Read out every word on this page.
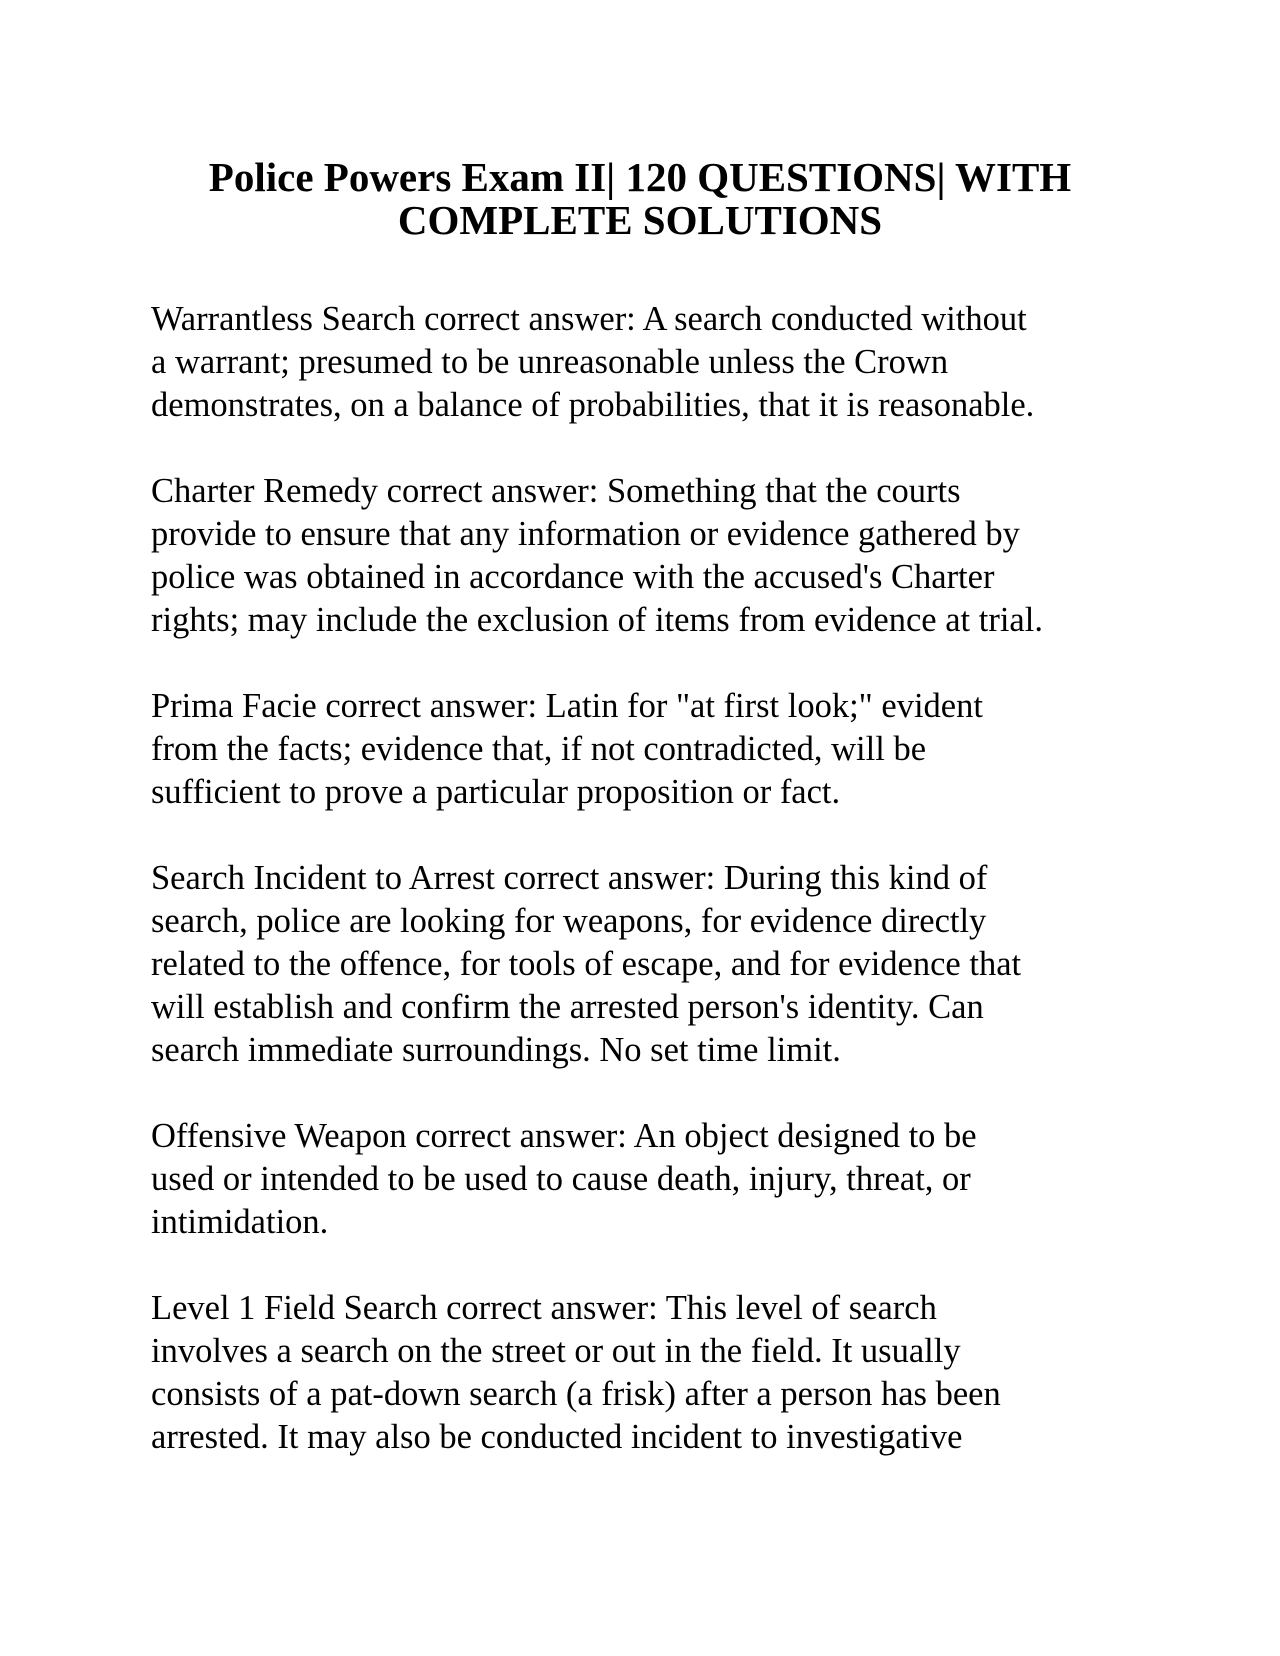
Police Powers Exam II| 120 QUESTIONS| WITH
COMPLETE SOLUTIONS

Warrantless Search correct answer: A search conducted without
a warrant; presumed to be unreasonable unless the Crown
demonstrates, on a balance of probabilities, that it is reasonable.

Charter Remedy correct answer: Something that the courts
provide to ensure that any information or evidence gathered by
police was obtained in accordance with the accused's Charter
rights; may include the exclusion of items from evidence at trial.

Prima Facie correct answer: Latin for "at first look;" evident
from the facts; evidence that, if not contradicted, will be
sufficient to prove a particular proposition or fact.

Search Incident to Arrest correct answer: During this kind of
search, police are looking for weapons, for evidence directly
related to the offence, for tools of escape, and for evidence that
will establish and confirm the arrested person's identity. Can
search immediate surroundings. No set time limit.

Offensive Weapon correct answer: An object designed to be
used or intended to be used to cause death, injury, threat, or
intimidation.

Level 1 Field Search correct answer: This level of search
involves a search on the street or out in the field. It usually
consists of a pat-down search (a frisk) after a person has been
arrested. It may also be conducted incident to investigative
